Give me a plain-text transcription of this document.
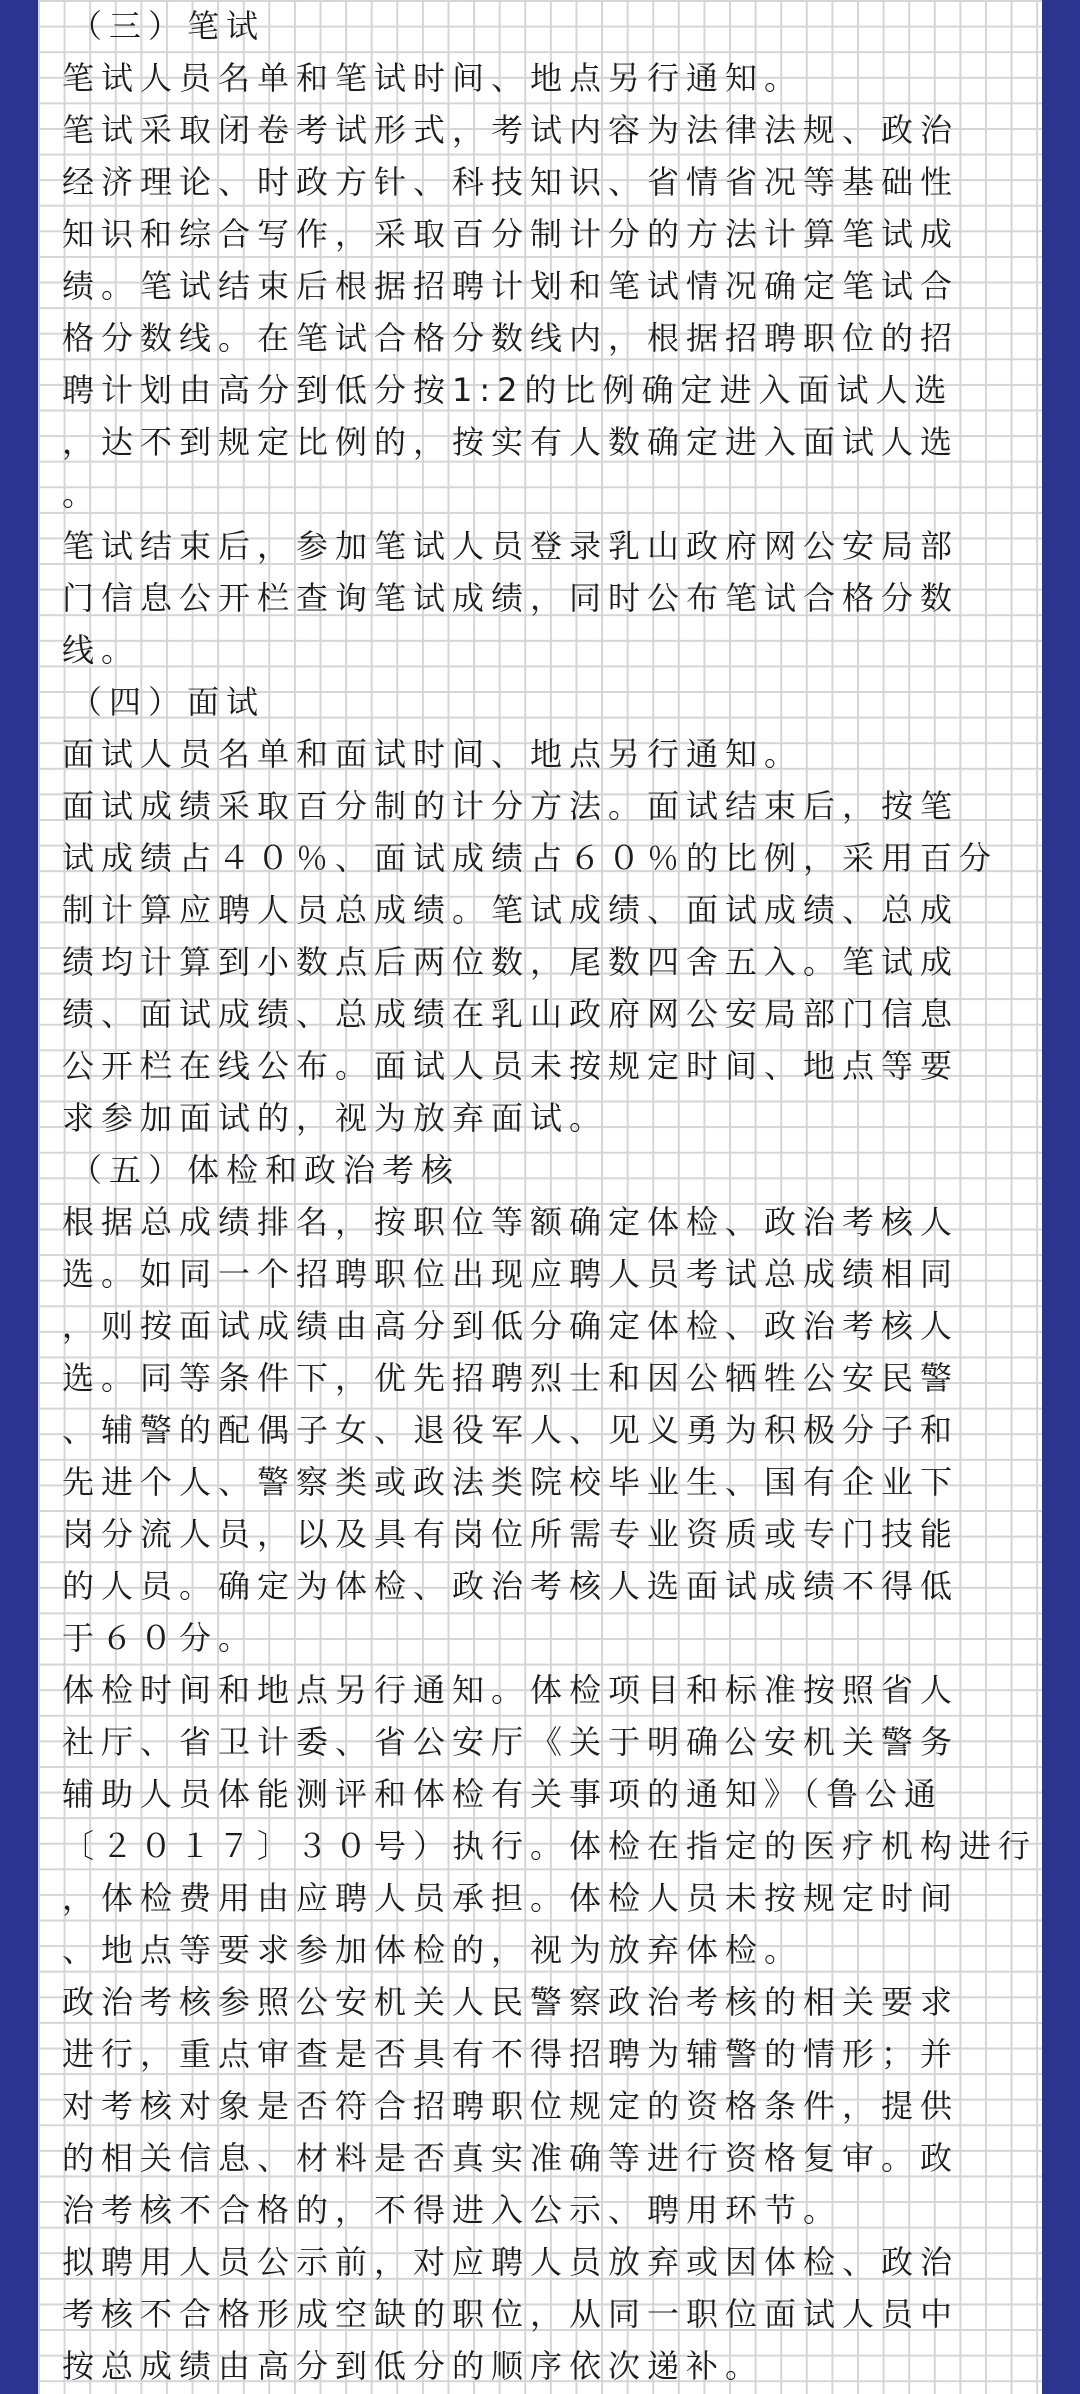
（三）笔试
笔试人员名单和笔试时间、地点另行通知。
笔试采取闭卷考试形式，考试内容为法律法规、政治
经济理论、时政方针、科技知识、省情省况等基础性
知识和综合写作，采取百分制计分的方法计算笔试成
绩。笔试结束后根据招聘计划和笔试情况确定笔试合
格分数线。在笔试合格分数线内，根据招聘职位的招
聘计划由高分到低分按1:2的比例确定进入面试人选
，达不到规定比例的，按实有人数确定进入面试人选
。
笔试结束后，参加笔试人员登录乳山政府网公安局部
门信息公开栏查询笔试成绩，同时公布笔试合格分数
线。
（四）面试
面试人员名单和面试时间、地点另行通知。
面试成绩采取百分制的计分方法。面试结束后，按笔
试成绩占４０％、面试成绩占６０％的比例，采用百分
制计算应聘人员总成绩。笔试成绩、面试成绩、总成
绩均计算到小数点后两位数，尾数四舍五入。笔试成
绩、面试成绩、总成绩在乳山政府网公安局部门信息
公开栏在线公布。面试人员未按规定时间、地点等要
求参加面试的，视为放弃面试。
（五）体检和政治考核
根据总成绩排名，按职位等额确定体检、政治考核人
选。如同一个招聘职位出现应聘人员考试总成绩相同
，则按面试成绩由高分到低分确定体检、政治考核人
选。同等条件下，优先招聘烈士和因公牺牲公安民警
、辅警的配偶子女、退役军人、见义勇为积极分子和
先进个人、警察类或政法类院校毕业生、国有企业下
岗分流人员，以及具有岗位所需专业资质或专门技能
的人员。确定为体检、政治考核人选面试成绩不得低
于６０分。
体检时间和地点另行通知。体检项目和标准按照省人
社厅、省卫计委、省公安厅《关于明确公安机关警务
辅助人员体能测评和体检有关事项的通知》（鲁公通
〔２０１７〕３０号）执行。体检在指定的医疗机构进行
，体检费用由应聘人员承担。体检人员未按规定时间
、地点等要求参加体检的，视为放弃体检。
政治考核参照公安机关人民警察政治考核的相关要求
进行，重点审查是否具有不得招聘为辅警的情形；并
对考核对象是否符合招聘职位规定的资格条件，提供
的相关信息、材料是否真实准确等进行资格复审。政
治考核不合格的，不得进入公示、聘用环节。
拟聘用人员公示前，对应聘人员放弃或因体检、政治
考核不合格形成空缺的职位，从同一职位面试人员中
按总成绩由高分到低分的顺序依次递补。
